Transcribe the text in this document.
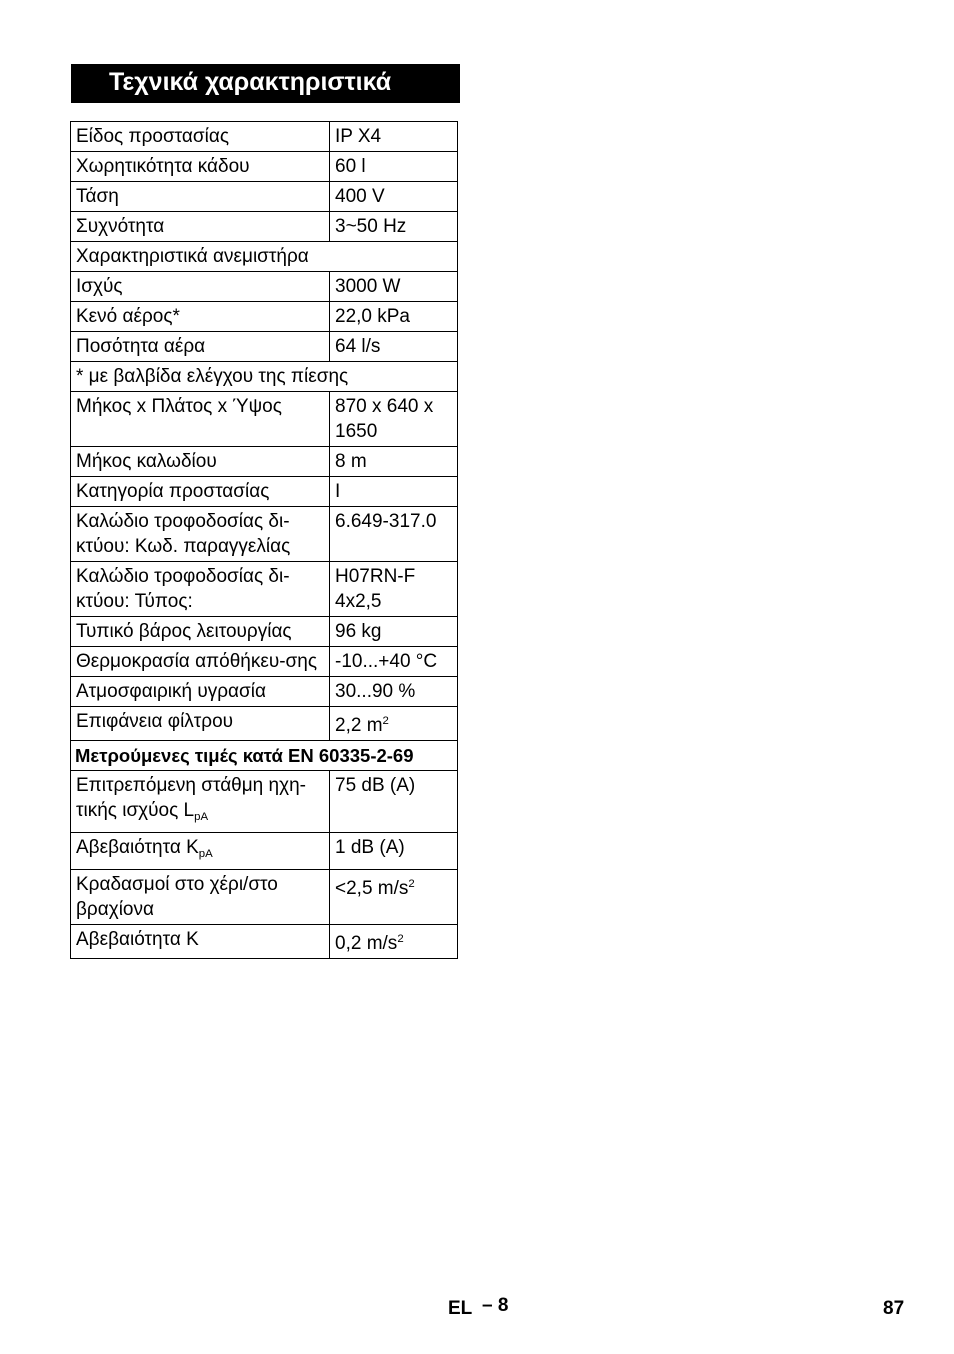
Τεχνικά χαρακτηριστικά
Είδος προστασίας	IP X4
Χωρητικότητα κάδου	60 l
Τάση	400 V
Συχνότητα	3~50 Hz
Χαρακτηριστικά ανεμιστήρα	
Ισχύς	3000 W
Κενό αέρος*	22,0 kPa
Ποσότητα αέρα	64 l/s
* με βαλβίδα ελέγχου της πίεσης	
Μήκος x Πλάτος x Ύψος	870 x 640 x 1650
Μήκος καλωδίου	8 m
Κατηγορία προστασίας	I
Καλώδιο τροφοδοσίας δι-κτύου: Κωδ. παραγγελίας	6.649-317.0
Καλώδιο τροφοδοσίας δι-κτύου: Τύπος:	H07RN-F 4x2,5
Τυπικό βάρος λειτουργίας	96 kg
Θερμοκρασία απόθήκευ-σης	-10...+40 °C
Ατμοσφαιρική υγρασία	30...90 %
Επιφάνεια φίλτρου	2,2 $m^2$
Μετρούμενες τιμές κατά EN 60335-2-69	
Επιτρεπόμενη στάθμη ηχη-τικής ισχύος $L_{pA}$	75 dB (A)
Αβεβαιότητα $K_{pA}$	1 dB (A)
Κραδασμοί στο χέρι/στο βραχίονα	<2,5 $m/s^2$
Αβεβαιότητα K	0,2 $m/s^2$
EL – 8	87
